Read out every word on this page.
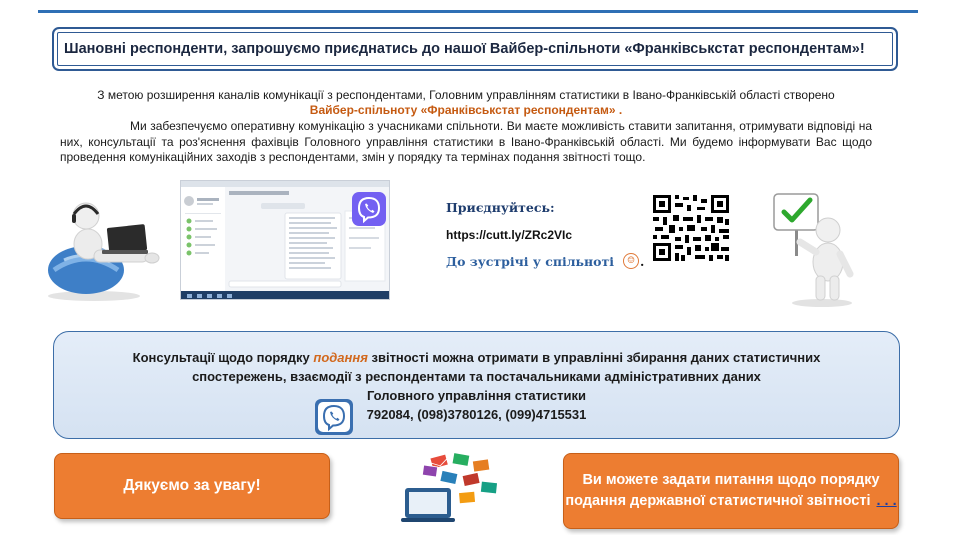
Шановні респонденти, запрошуємо приєднатись до нашої Вайбер-спільноти «Франківськстат респондентам»!
З метою розширення каналів комунікації з респондентами, Головним управлінням статистики в Івано-Франківській області створено
Вайбер-спільноту «Франківськстат респондентам» .
Ми забезпечуємо оперативну комунікацію з учасниками спільноти. Ви маєте можливість ставити запитання, отримувати відповіді на них, консультації та роз'яснення фахівців Головного управління статистики в Івано-Франківській області. Ми будемо інформувати Вас щодо проведення комунікаційних заходів з респондентами, змін у порядку та термінах подання звітності тощо.
Приєднуйтесь:
https://cutt.ly/ZRc2VIc
До зустрічі у спільноті	☺ .
Консультації щодо порядку подання звітності можна отримати в управлінні збирання даних статистичних
спостережень, взаємодії з респондентами та постачальниками адміністративних даних
Головного управління статистики
792084, (098)3780126, (099)4715531
Дякуємо за увагу!	Ви можете задати питання щодо порядку подання державної статистичної звітності . . .
